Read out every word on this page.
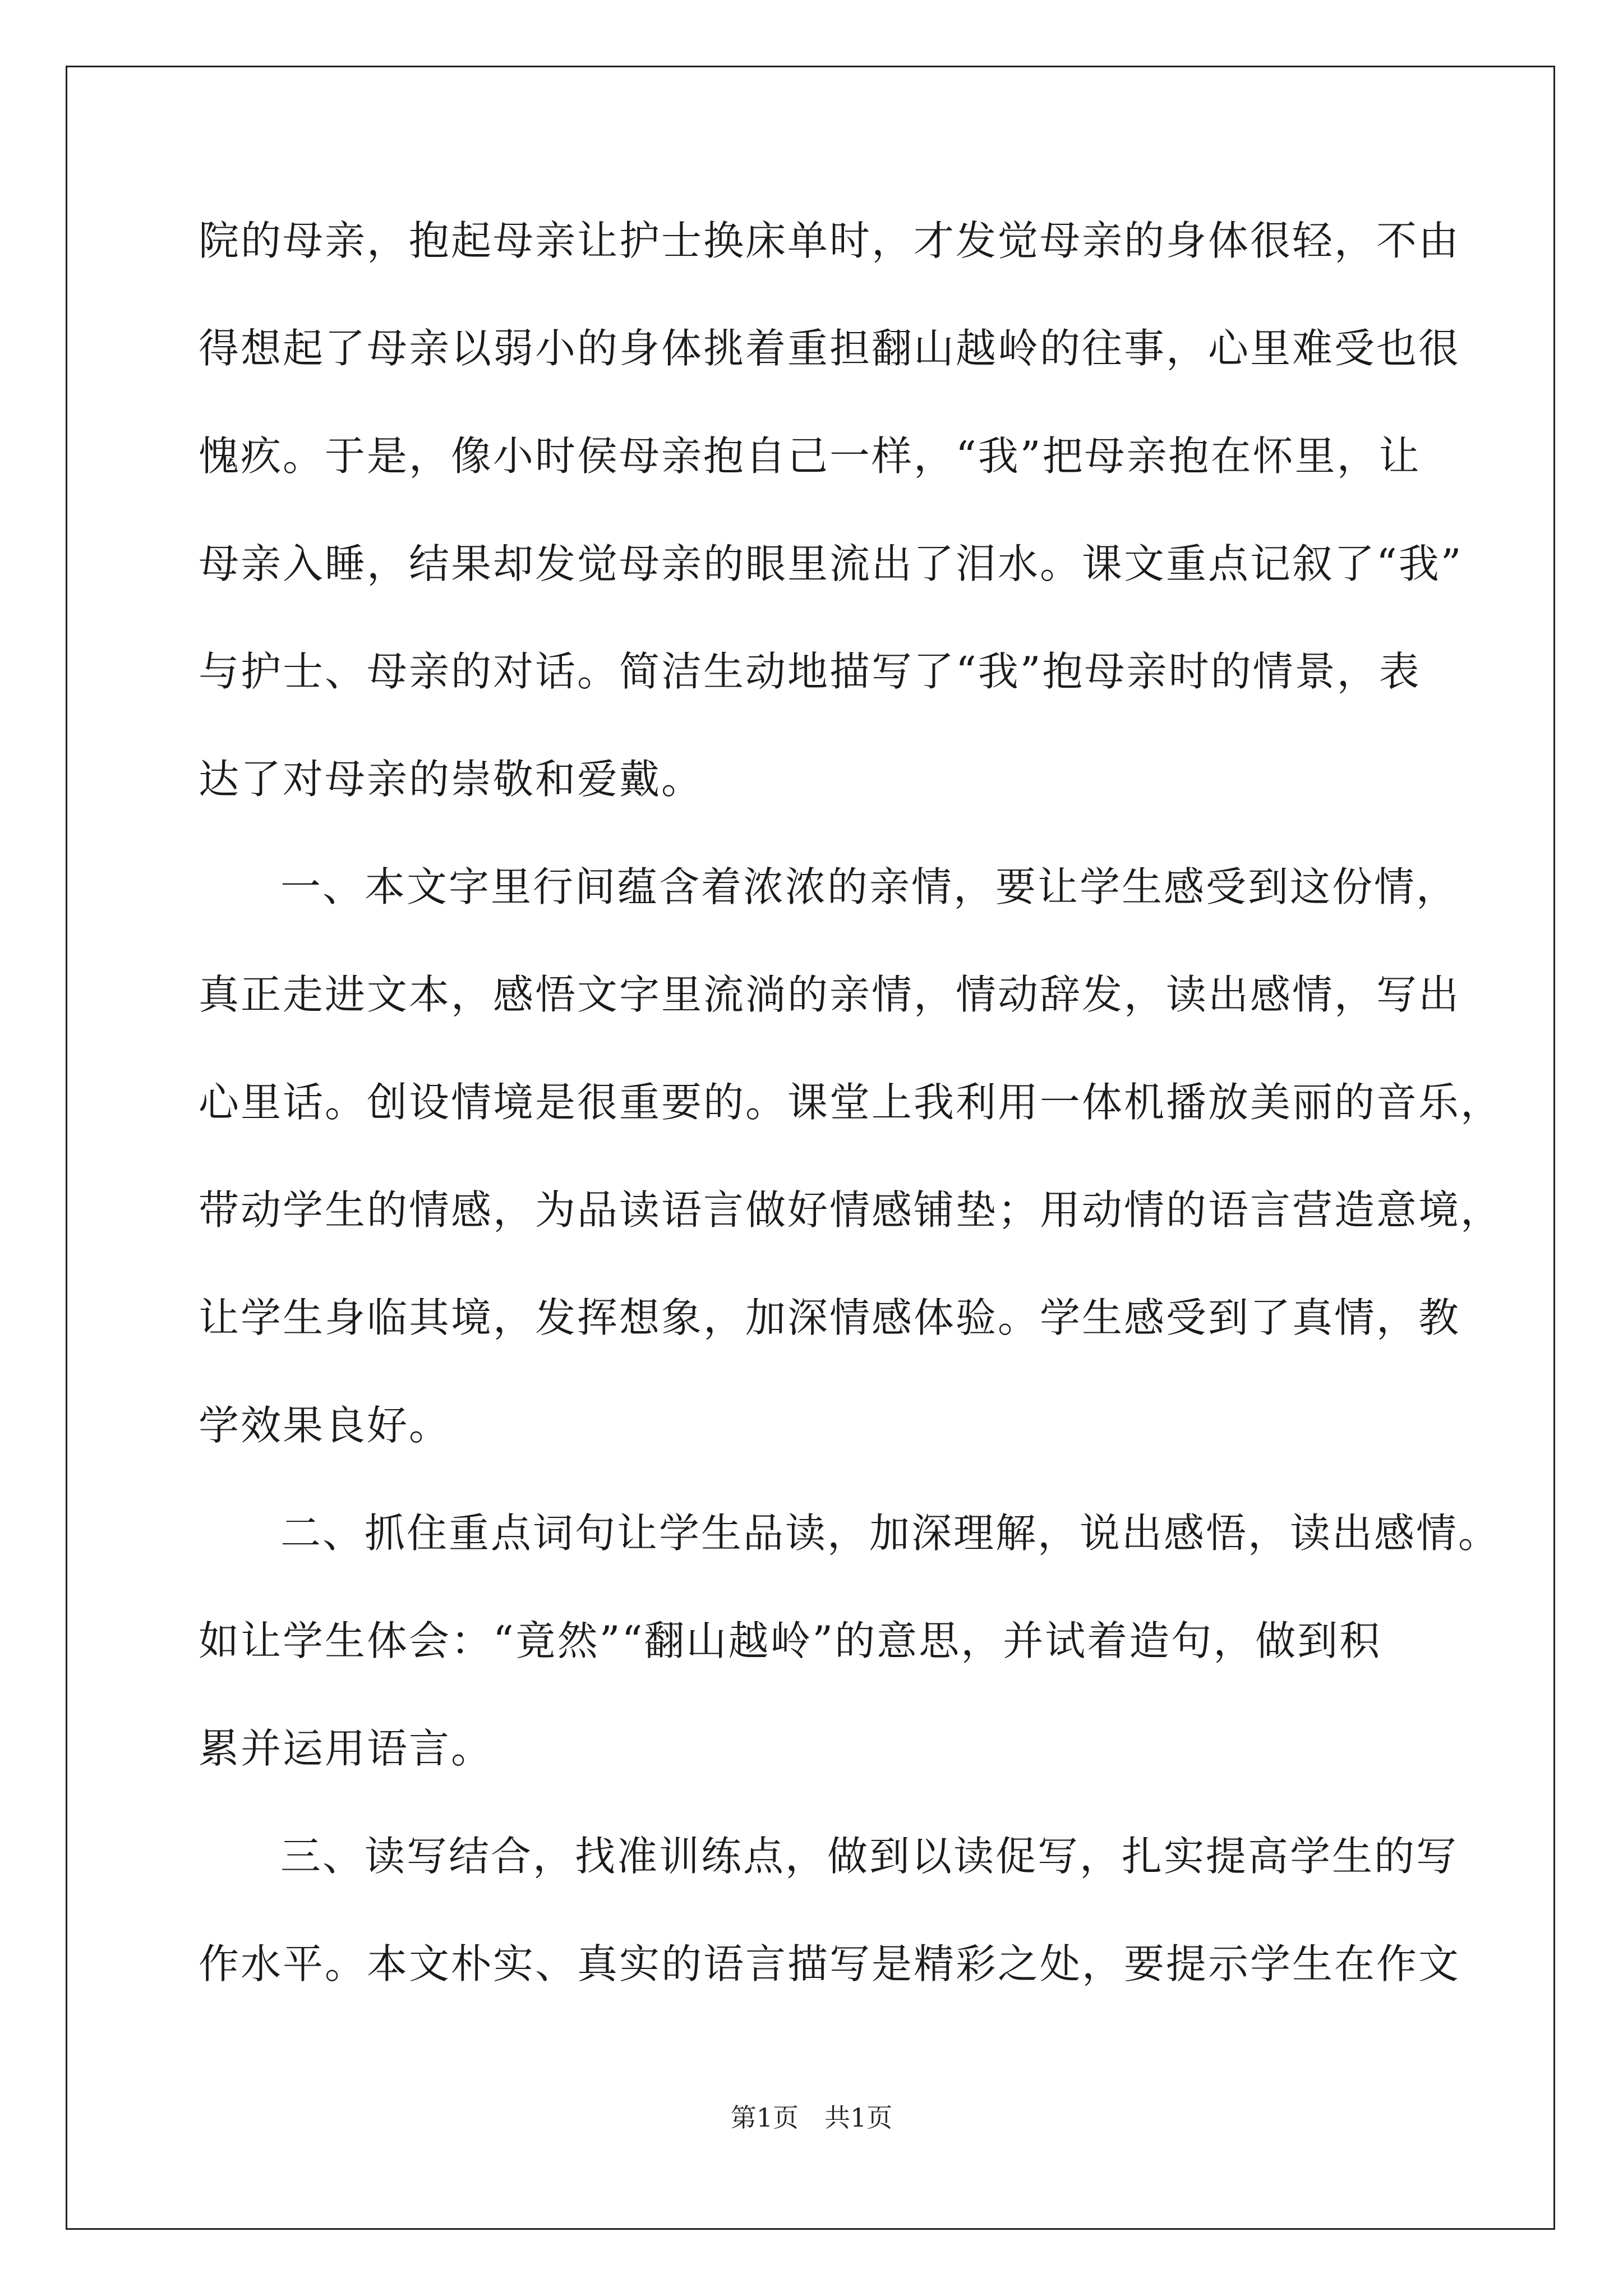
院的母亲，抱起母亲让护士换床单时，才发觉母亲的身体很轻，不由
得想起了母亲以弱小的身体挑着重担翻山越岭的往事，心里难受也很
愧疚。于是，像小时侯母亲抱自己一样，“我”把母亲抱在怀里，让
母亲入睡，结果却发觉母亲的眼里流出了泪水。课文重点记叙了“我”
与护士、母亲的对话。简洁生动地描写了“我”抱母亲时的情景，表
达了对母亲的崇敬和爱戴。
一、本文字里行间蕴含着浓浓的亲情，要让学生感受到这份情，
真正走进文本，感悟文字里流淌的亲情，情动辞发，读出感情，写出
心里话。创设情境是很重要的。课堂上我利用一体机播放美丽的音乐，
带动学生的情感，为品读语言做好情感铺垫；用动情的语言营造意境，
让学生身临其境，发挥想象，加深情感体验。学生感受到了真情，教
学效果良好。
二、抓住重点词句让学生品读，加深理解，说出感悟，读出感情。
如让学生体会：“竟然”“翻山越岭”的意思，并试着造句，做到积
累并运用语言。
三、读写结合，找准训练点，做到以读促写，扎实提高学生的写
作水平。本文朴实、真实的语言描写是精彩之处，要提示学生在作文
第1页　共1页
